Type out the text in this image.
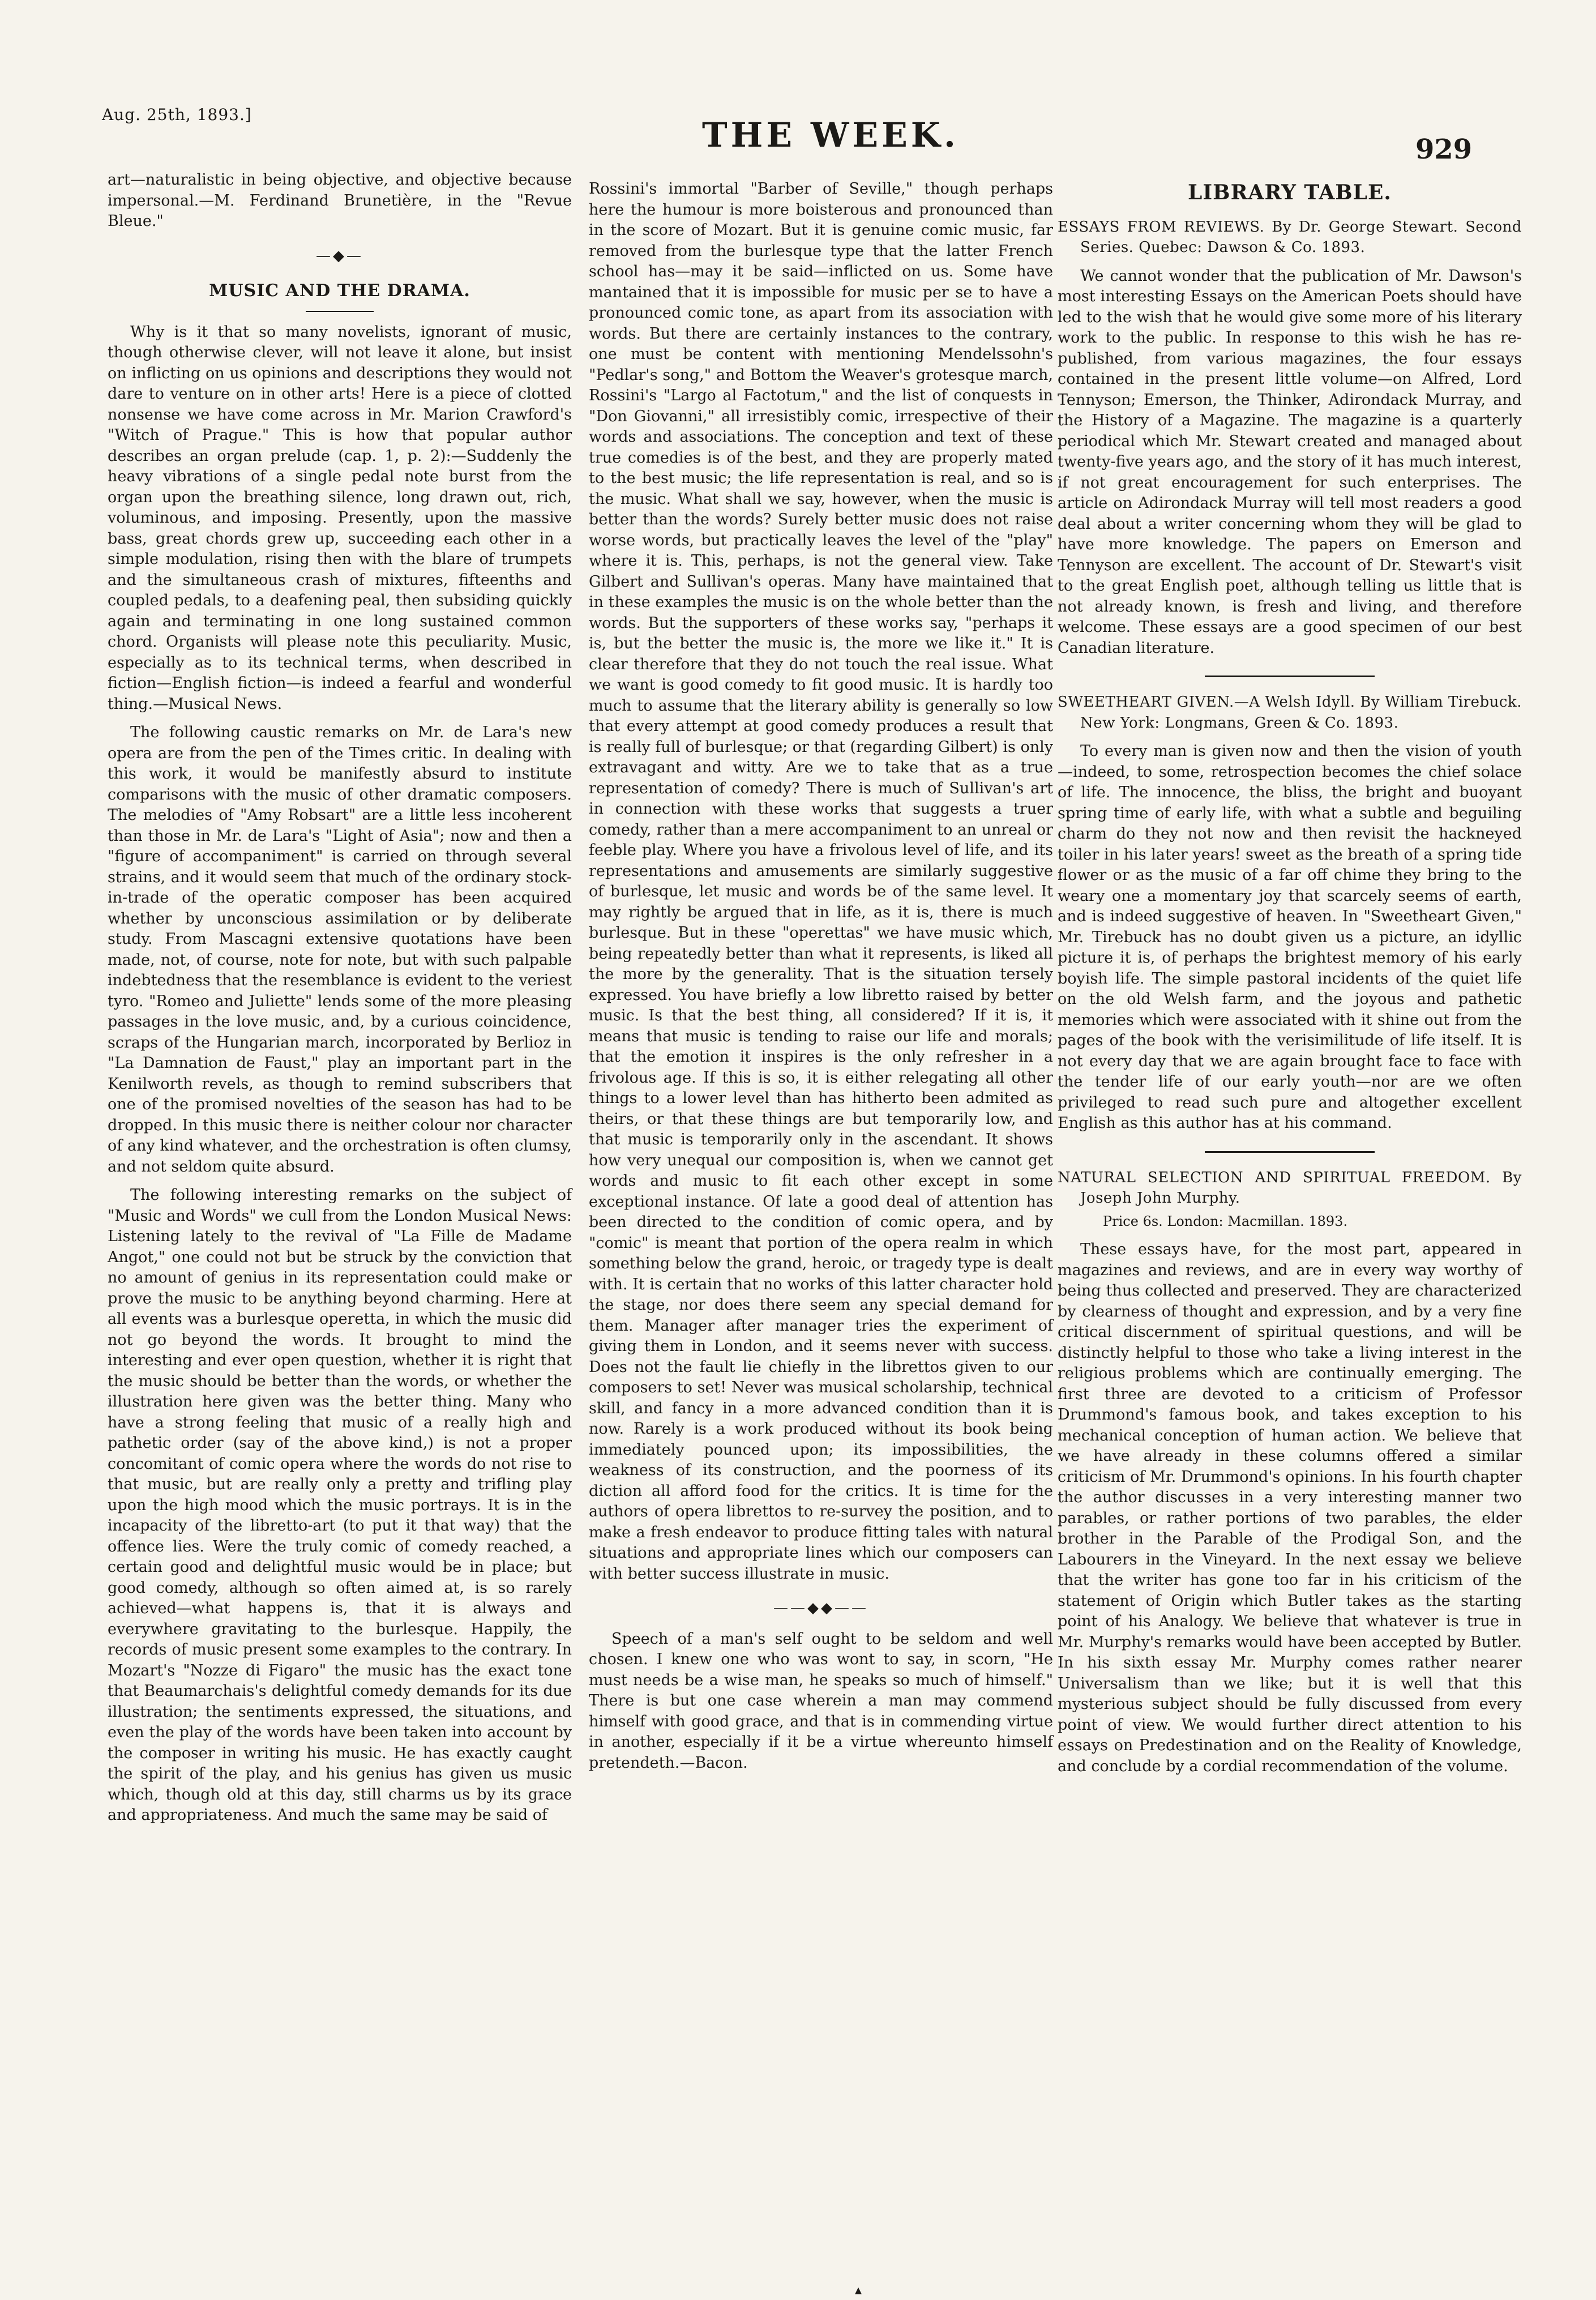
Aug. 25th, 1893.]
THE WEEK.	929

art—naturalistic in being objective, and objective because impersonal.—M. Ferdinand Brunetière, in the "Revue Bleue."

—◆—
MUSIC AND THE DRAMA.

Why is it that so many novelists, ignorant of music, though otherwise clever, will not leave it alone, but insist on inflicting on us opinions and descriptions they would not dare to venture on in other arts! Here is a piece of clotted nonsense we have come across in Mr. Marion Crawford's "Witch of Prague." This is how that popular author describes an organ prelude (cap. 1, p. 2):—Suddenly the heavy vibrations of a single pedal note burst from the organ upon the breathing silence, long drawn out, rich, voluminous, and imposing. Presently, upon the massive bass, great chords grew up, succeeding each other in a simple modulation, rising then with the blare of trumpets and the simultaneous crash of mixtures, fifteenths and coupled pedals, to a deafening peal, then subsiding quickly again and terminating in one long sustained common chord. Organists will please note this peculiarity. Music, especially as to its technical terms, when described in fiction—English fiction—is indeed a fearful and wonderful thing.—Musical News.

The following caustic remarks on Mr. de Lara's new opera are from the pen of the Times critic. In dealing with this work, it would be manifestly absurd to institute comparisons with the music of other dramatic composers. The melodies of "Amy Robsart" are a little less incoherent than those in Mr. de Lara's "Light of Asia"; now and then a "figure of accompaniment" is carried on through several strains, and it would seem that much of the ordinary stock-in-trade of the operatic composer has been acquired whether by unconscious assimilation or by deliberate study. From Mascagni extensive quotations have been made, not, of course, note for note, but with such palpable indebtedness that the resemblance is evident to the veriest tyro. "Romeo and Juliette" lends some of the more pleasing passages in the love music, and, by a curious coincidence, scraps of the Hungarian march, incorporated by Berlioz in "La Damnation de Faust," play an important part in the Kenilworth revels, as though to remind subscribers that one of the promised novelties of the season has had to be dropped. In this music there is neither colour nor character of any kind whatever, and the orchestration is often clumsy, and not seldom quite absurd.

The following interesting remarks on the subject of "Music and Words" we cull from the London Musical News: Listening lately to the revival of "La Fille de Madame Angot," one could not but be struck by the conviction that no amount of genius in its representation could make or prove the music to be anything beyond charming. Here at all events was a burlesque operetta, in which the music did not go beyond the words. It brought to mind the interesting and ever open question, whether it is right that the music should be better than the words, or whether the illustration here given was the better thing. Many who have a strong feeling that music of a really high and pathetic order (say of the above kind,) is not a proper concomitant of comic opera where the words do not rise to that music, but are really only a pretty and trifling play upon the high mood which the music portrays. It is in the incapacity of the libretto-art (to put it that way) that the offence lies. Were the truly comic of comedy reached, a certain good and delightful music would be in place; but good comedy, although so often aimed at, is so rarely achieved—what happens is, that it is always and everywhere gravitating to the burlesque. Happily, the records of music present some examples to the contrary. In Mozart's "Nozze di Figaro" the music has the exact tone that Beaumarchais's delightful comedy demands for its due illustration; the sentiments expressed, the situations, and even the play of the words have been taken into account by the composer in writing his music. He has exactly caught the spirit of the play, and his genius has given us music which, though old at this day, still charms us by its grace and appropriateness. And much the same may be said of

Rossini's immortal "Barber of Seville," though perhaps here the humour is more boisterous and pronounced than in the score of Mozart. But it is genuine comic music, far removed from the burlesque type that the latter French school has—may it be said—inflicted on us. Some have mantained that it is impossible for music per se to have a pronounced comic tone, as apart from its association with words. But there are certainly instances to the contrary, one must be content with mentioning Mendelssohn's "Pedlar's song," and Bottom the Weaver's grotesque march, Rossini's "Largo al Factotum," and the list of conquests in "Don Giovanni," all irresistibly comic, irrespective of their words and associations. The conception and text of these true comedies is of the best, and they are properly mated to the best music; the life representation is real, and so is the music. What shall we say, however, when the music is better than the words? Surely better music does not raise worse words, but practically leaves the level of the "play" where it is. This, perhaps, is not the general view. Take Gilbert and Sullivan's operas. Many have maintained that in these examples the music is on the whole better than the words. But the supporters of these works say, "perhaps it is, but the better the music is, the more we like it." It is clear therefore that they do not touch the real issue. What we want is good comedy to fit good music. It is hardly too much to assume that the literary ability is generally so low that every attempt at good comedy produces a result that is really full of burlesque; or that (regarding Gilbert) is only extravagant and witty. Are we to take that as a true representation of comedy? There is much of Sullivan's art in connection with these works that suggests a truer comedy, rather than a mere accompaniment to an unreal or feeble play. Where you have a frivolous level of life, and its representations and amusements are similarly suggestive of burlesque, let music and words be of the same level. It may rightly be argued that in life, as it is, there is much burlesque. But in these "operettas" we have music which, being repeatedly better than what it represents, is liked all the more by the generality. That is the situation tersely expressed. You have briefly a low libretto raised by better music. Is that the best thing, all considered? If it is, it means that music is tending to raise our life and morals; that the emotion it inspires is the only refresher in a frivolous age. If this is so, it is either relegating all other things to a lower level than has hitherto been admited as theirs, or that these things are but temporarily low, and that music is temporarily only in the ascendant. It shows how very unequal our composition is, when we cannot get words and music to fit each other except in some exceptional instance. Of late a good deal of attention has been directed to the condition of comic opera, and by "comic" is meant that portion of the opera realm in which something below the grand, heroic, or tragedy type is dealt with. It is certain that no works of this latter character hold the stage, nor does there seem any special demand for them. Manager after manager tries the experiment of giving them in London, and it seems never with success. Does not the fault lie chiefly in the librettos given to our composers to set! Never was musical scholarship, technical skill, and fancy in a more advanced condition than it is now. Rarely is a work produced without its book being immediately pounced upon; its impossibilities, the weakness of its construction, and the poorness of its diction all afford food for the critics. It is time for the authors of opera librettos to re-survey the position, and to make a fresh endeavor to produce fitting tales with natural situations and appropriate lines which our composers can with better success illustrate in music.

——◆◆——

Speech of a man's self ought to be seldom and well chosen. I knew one who was wont to say, in scorn, "He must needs be a wise man, he speaks so much of himself." There is but one case wherein a man may commend himself with good grace, and that is in commending virtue in another, especially if it be a virtue whereunto himself pretendeth.—Bacon.

LIBRARY TABLE.

ESSAYS FROM REVIEWS. By Dr. George Stewart. Second Series. Quebec: Dawson & Co. 1893.

We cannot wonder that the publication of Mr. Dawson's most interesting Essays on the American Poets should have led to the wish that he would give some more of his literary work to the public. In response to this wish he has re-published, from various magazines, the four essays contained in the present little volume—on Alfred, Lord Tennyson; Emerson, the Thinker, Adirondack Murray, and the History of a Magazine. The magazine is a quarterly periodical which Mr. Stewart created and managed about twenty-five years ago, and the story of it has much interest, if not great encouragement for such enterprises. The article on Adirondack Murray will tell most readers a good deal about a writer concerning whom they will be glad to have more knowledge. The papers on Emerson and Tennyson are excellent. The account of Dr. Stewart's visit to the great English poet, although telling us little that is not already known, is fresh and living, and therefore welcome. These essays are a good specimen of our best Canadian literature.

SWEETHEART GIVEN.—A Welsh Idyll. By William Tirebuck. New York: Longmans, Green & Co. 1893.

To every man is given now and then the vision of youth—indeed, to some, retrospection becomes the chief solace of life. The innocence, the bliss, the bright and buoyant spring time of early life, with what a subtle and beguiling charm do they not now and then revisit the hackneyed toiler in his later years! sweet as the breath of a spring tide flower or as the music of a far off chime they bring to the weary one a momentary joy that scarcely seems of earth, and is indeed suggestive of heaven. In "Sweetheart Given," Mr. Tirebuck has no doubt given us a picture, an idyllic picture it is, of perhaps the brightest memory of his early boyish life. The simple pastoral incidents of the quiet life on the old Welsh farm, and the joyous and pathetic memories which were associated with it shine out from the pages of the book with the verisimilitude of life itself. It is not every day that we are again brought face to face with the tender life of our early youth—nor are we often privileged to read such pure and altogether excellent English as this author has at his command.

NATURAL SELECTION AND SPIRITUAL FREEDOM. By Joseph John Murphy.

Price 6s. London: Macmillan. 1893.

These essays have, for the most part, appeared in magazines and reviews, and are in every way worthy of being thus collected and preserved. They are characterized by clearness of thought and expression, and by a very fine critical discernment of spiritual questions, and will be distinctly helpful to those who take a living interest in the religious problems which are continually emerging. The first three are devoted to a criticism of Professor Drummond's famous book, and takes exception to his mechanical conception of human action. We believe that we have already in these columns offered a similar criticism of Mr. Drummond's opinions. In his fourth chapter the author discusses in a very interesting manner two parables, or rather portions of two parables, the elder brother in the Parable of the Prodigal Son, and the Labourers in the Vineyard. In the next essay we believe that the writer has gone too far in his criticism of the statement of Origin which Butler takes as the starting point of his Analogy. We believe that whatever is true in Mr. Murphy's remarks would have been accepted by Butler. In his sixth essay Mr. Murphy comes rather nearer Universalism than we like; but it is well that this mysterious subject should be fully discussed from every point of view. We would further direct attention to his essays on Predestination and on the Reality of Knowledge, and conclude by a cordial recommendation of the volume.

▴
